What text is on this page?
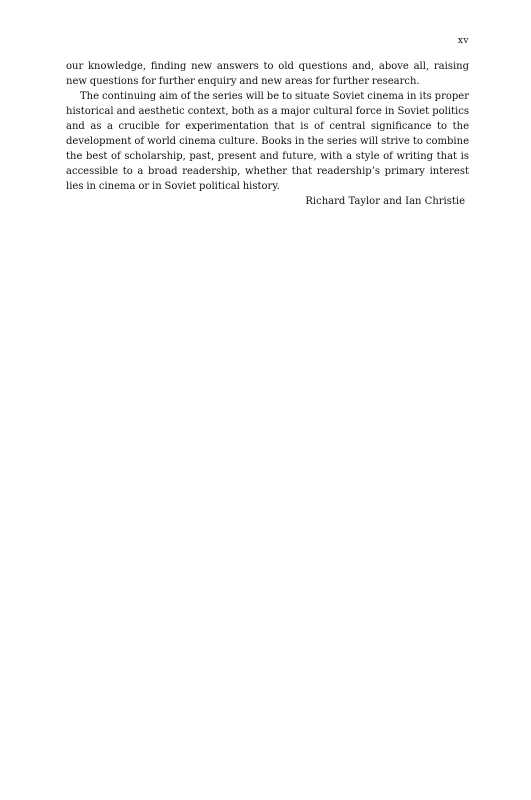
xv

our knowledge, finding new answers to old questions and, above all, raising new questions for further enquiry and new areas for further research.

The continuing aim of the series will be to situate Soviet cinema in its proper historical and aesthetic context, both as a major cultural force in Soviet politics and as a crucible for experimentation that is of central significance to the development of world cinema culture. Books in the series will strive to combine the best of scholarship, past, present and future, with a style of writing that is accessible to a broad readership, whether that readership’s primary interest lies in cinema or in Soviet political history.

Richard Taylor and Ian Christie
